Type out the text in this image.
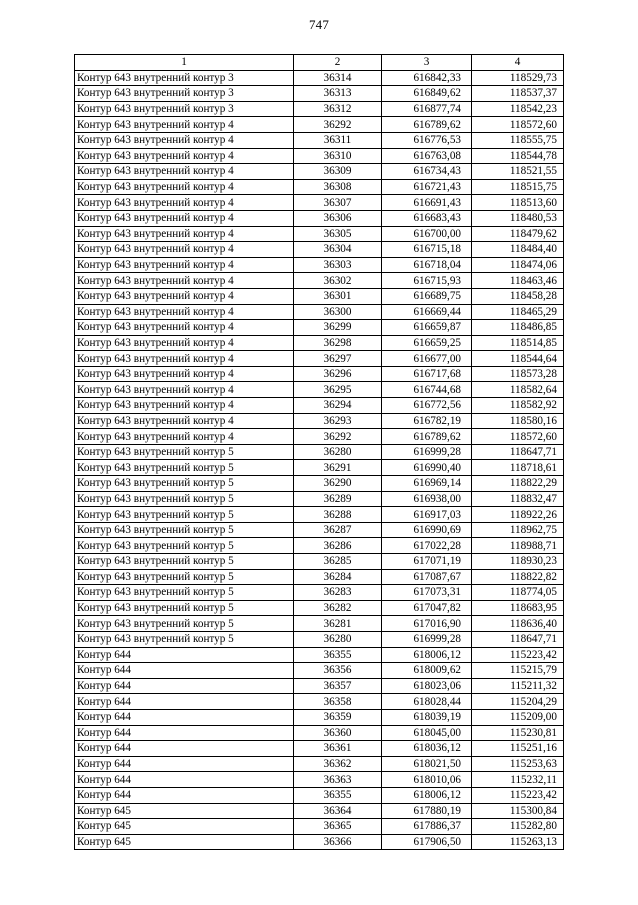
747
1	2	3	4
Контур 643 внутренний контур 3	36314	616842,33	118529,73
Контур 643 внутренний контур 3	36313	616849,62	118537,37
Контур 643 внутренний контур 3	36312	616877,74	118542,23
Контур 643 внутренний контур 4	36292	616789,62	118572,60
Контур 643 внутренний контур 4	36311	616776,53	118555,75
Контур 643 внутренний контур 4	36310	616763,08	118544,78
Контур 643 внутренний контур 4	36309	616734,43	118521,55
Контур 643 внутренний контур 4	36308	616721,43	118515,75
Контур 643 внутренний контур 4	36307	616691,43	118513,60
Контур 643 внутренний контур 4	36306	616683,43	118480,53
Контур 643 внутренний контур 4	36305	616700,00	118479,62
Контур 643 внутренний контур 4	36304	616715,18	118484,40
Контур 643 внутренний контур 4	36303	616718,04	118474,06
Контур 643 внутренний контур 4	36302	616715,93	118463,46
Контур 643 внутренний контур 4	36301	616689,75	118458,28
Контур 643 внутренний контур 4	36300	616669,44	118465,29
Контур 643 внутренний контур 4	36299	616659,87	118486,85
Контур 643 внутренний контур 4	36298	616659,25	118514,85
Контур 643 внутренний контур 4	36297	616677,00	118544,64
Контур 643 внутренний контур 4	36296	616717,68	118573,28
Контур 643 внутренний контур 4	36295	616744,68	118582,64
Контур 643 внутренний контур 4	36294	616772,56	118582,92
Контур 643 внутренний контур 4	36293	616782,19	118580,16
Контур 643 внутренний контур 4	36292	616789,62	118572,60
Контур 643 внутренний контур 5	36280	616999,28	118647,71
Контур 643 внутренний контур 5	36291	616990,40	118718,61
Контур 643 внутренний контур 5	36290	616969,14	118822,29
Контур 643 внутренний контур 5	36289	616938,00	118832,47
Контур 643 внутренний контур 5	36288	616917,03	118922,26
Контур 643 внутренний контур 5	36287	616990,69	118962,75
Контур 643 внутренний контур 5	36286	617022,28	118988,71
Контур 643 внутренний контур 5	36285	617071,19	118930,23
Контур 643 внутренний контур 5	36284	617087,67	118822,82
Контур 643 внутренний контур 5	36283	617073,31	118774,05
Контур 643 внутренний контур 5	36282	617047,82	118683,95
Контур 643 внутренний контур 5	36281	617016,90	118636,40
Контур 643 внутренний контур 5	36280	616999,28	118647,71
Контур 644	36355	618006,12	115223,42
Контур 644	36356	618009,62	115215,79
Контур 644	36357	618023,06	115211,32
Контур 644	36358	618028,44	115204,29
Контур 644	36359	618039,19	115209,00
Контур 644	36360	618045,00	115230,81
Контур 644	36361	618036,12	115251,16
Контур 644	36362	618021,50	115253,63
Контур 644	36363	618010,06	115232,11
Контур 644	36355	618006,12	115223,42
Контур 645	36364	617880,19	115300,84
Контур 645	36365	617886,37	115282,80
Контур 645	36366	617906,50	115263,13
